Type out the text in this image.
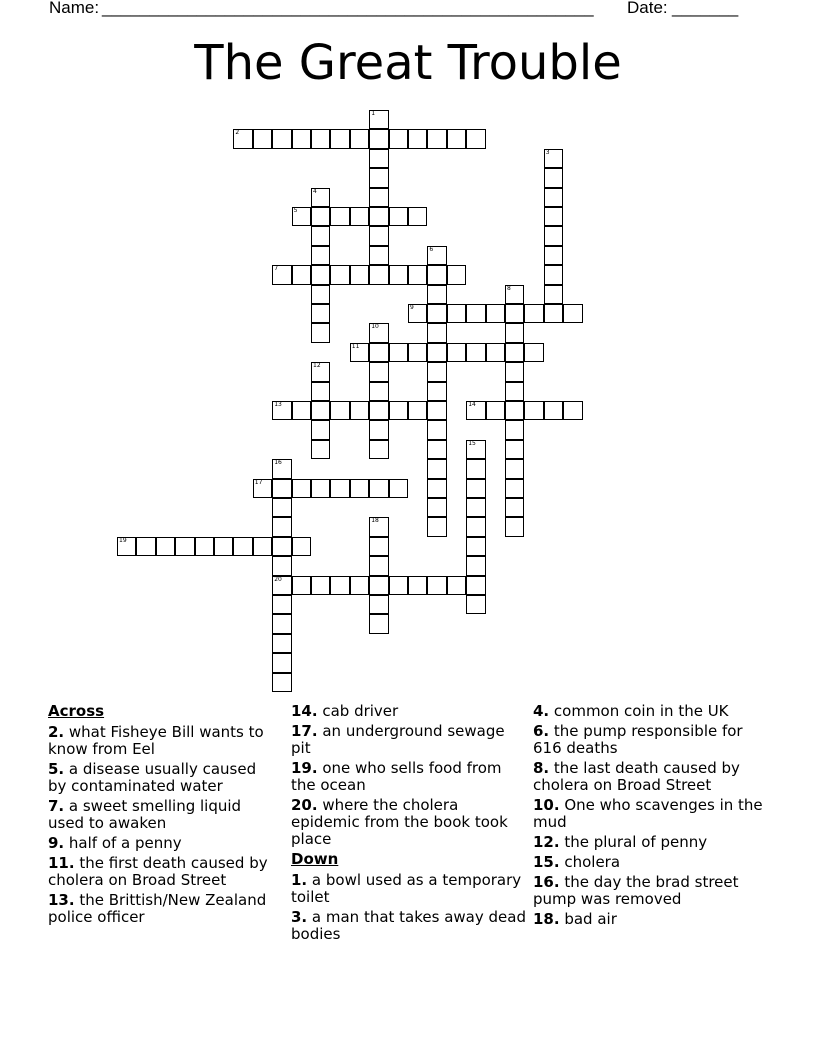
Name: ____________________________________________________ Date: _______
The Great Trouble
1
2
3
4
5
6
7
8
9
10
11
12
13	14
15
16
20
17
18
19
Across
2. what Fisheye Bill wants to know from Eel
5. a disease usually caused by contaminated water
7. a sweet smelling liquid used to awaken
9. half of a penny
11. the first death caused by cholera on Broad Street
13. the Brittish/New Zealand police officer
14. cab driver
17. an underground sewage pit
19. one who sells food from the ocean
20. where the cholera epidemic from the book took place
Down
1. a bowl used as a temporary toilet
3. a man that takes away dead bodies
4. common coin in the UK
6. the pump responsible for 616 deaths
8. the last death caused by cholera on Broad Street
10. One who scavenges in the mud
12. the plural of penny
15. cholera
16. the day the brad street pump was removed
18. bad air
